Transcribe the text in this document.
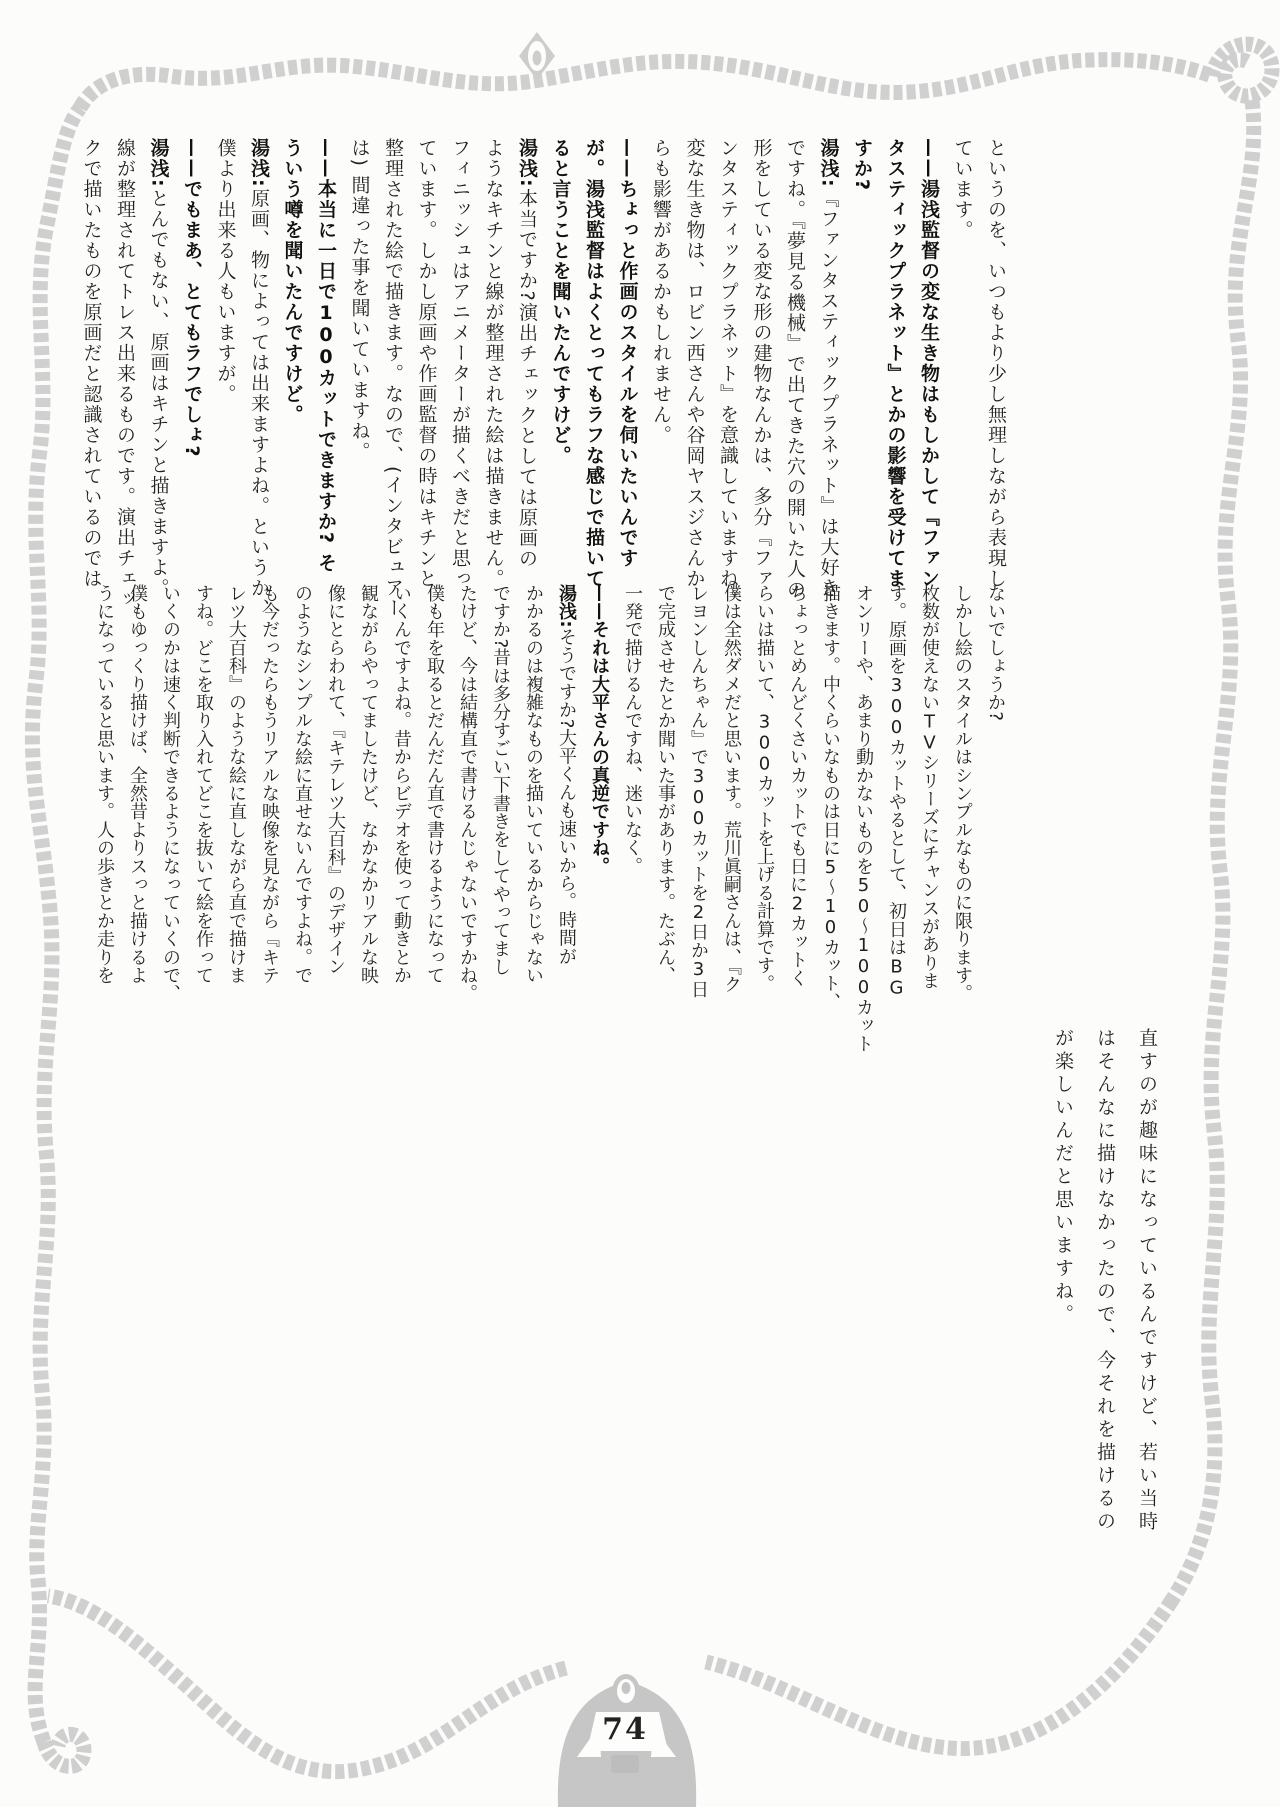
というのを、いつもより少し無理しながら表現し
ています。
——湯浅監督の変な生き物はもしかして『ファン
タスティックプラネット』とかの影響を受けてま
すか?
湯浅:『ファンタスティックプラネット』は大好き
ですね。『夢見る機械』で出てきた穴の開いた人の
形をしている変な形の建物なんかは、多分『ファ
ンタスティックプラネット』を意識していますね。
変な生き物は、ロビン西さんや谷岡ヤスジさんか
らも影響があるかもしれません。
——ちょっと作画のスタイルを伺いたいんです
が。湯浅監督はよくとってもラフな感じで描いて
ると言うことを聞いたんですけど。
湯浅:本当ですか?演出チェックとしては原画の
ようなキチンと線が整理された絵は描きません。
フィニッシュはアニメーターが描くべきだと思っ
ています。しかし原画や作画監督の時はキチンと
整理された絵で描きます。なので、(インタビュアー
は) 間違った事を聞いていますね。
——本当に一日で100カットできますか? そ
ういう噂を聞いたんですけど。
湯浅:原画、物によっては出来ますよね。というか、
僕より出来る人もいますが。
——でもまあ、とてもラフでしょ?
湯浅:とんでもない、原画はキチンと描きますよ。
線が整理されてトレス出来るものです。演出チェッ
クで描いたものを原画だと認識されているのでは
ないでしょうか?
しかし絵のスタイルはシンプルなものに限ります。
枚数が使えないTVシリーズにチャンスがありま
す。原画を300カットやるとして、初日はBG
オンリーや、あまり動かないものを50〜100カット
描きます。中くらいなものは日に5〜10カット、
ちょっとめんどくさいカットでも日に2カットく
らいは描いて、300カットを上げる計算です。
僕は全然ダメだと思います。荒川眞嗣さんは、『ク
レヨンしんちゃん』で300カットを2日か3日
で完成させたとか聞いた事があります。たぶん、
一発で描けるんですね、迷いなく。
——それは大平さんの真逆ですね。
湯浅:そうですか?大平くんも速いから。時間が
かかるのは複雑なものを描いているからじゃない
ですか?昔は多分すごい下書きをしてやってまし
たけど、今は結構直で書けるんじゃないですかね。
僕も年を取るとだんだん直で書けるようになって
いくんですよね。昔からビデオを使って動きとか
観ながらやってましたけど、なかなかリアルな映
像にとらわれて、『キテレツ大百科』のデザイン
のようなシンプルな絵に直せないんですよね。で
も今だったらもうリアルな映像を見ながら『キテ
レツ大百科』のような絵に直しながら直で描けま
すね。どこを取り入れてどこを抜いて絵を作って
いくのかは速く判断できるようになっていくので、
僕もゆっくり描けば、全然昔よりスっと描けるよ
うになっていると思います。人の歩きとか走りを
直すのが趣味になっているんですけど、若い当時
はそんなに描けなかったので、今それを描けるの
が楽しいんだと思いますね。
74
